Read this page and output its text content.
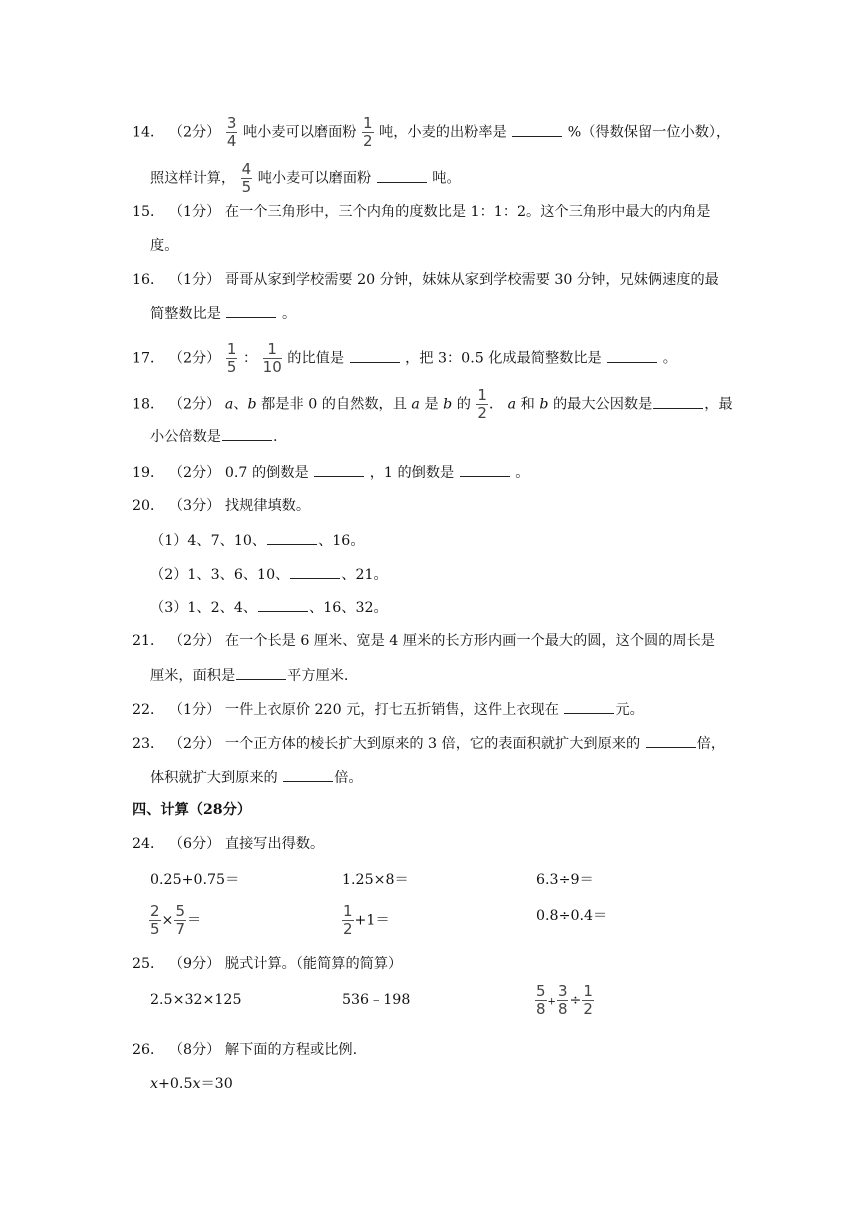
14． （2分） $\frac{3}{4}$ 吨小麦可以磨面粉 $\frac{1}{2}$ 吨，小麦的出粉率是	%（得数保留一位小数），
照这样计算， $\frac{4}{5}$ 吨小麦可以磨面粉	吨。
15． （1分） 在一个三角形中，三个内角的度数比是 1：1：2。这个三角形中最大的内角是
度。
16． （1分） 哥哥从家到学校需要 20 分钟，妹妹从家到学校需要 30 分钟，兄妹俩速度的最
简整数比是	。
17． （2分） $\frac{1}{5}$ ： $\frac{1}{10}$ 的比值是	，把 3：0.5 化成最简整数比是	。
18． （2分） a、b 都是非 0 的自然数，且 a 是 b 的 $\frac{1}{2}$ ． a 和 b 的最大公因数是	，最
小公倍数是	.
19． （2分） 0.7 的倒数是	，1 的倒数是	。
20． （3分） 找规律填数。
（1）4、7、10、	、16。
（2）1、3、6、10、	、21。
（3）1、2、4、	、16、32。
21． （2分） 在一个长是 6 厘米、宽是 4 厘米的长方形内画一个最大的圆，这个圆的周长是
厘米，面积是	平方厘米.
22． （1分） 一件上衣原价 220 元，打七五折销售，这件上衣现在	元。
23． （2分） 一个正方体的棱长扩大到原来的 3 倍，它的表面积就扩大到原来的	倍，
体积就扩大到原来的	倍。
四、计算（28分）
24． （6分） 直接写出得数。
0.25+0.75＝	1.25×8＝	6.3÷9＝
$\frac{2}{5} \times \frac{5}{7}$ ＝	$\frac{1}{2} +1=$	0.8÷0.4＝
25． （9分） 脱式计算。（能简算的简算）
2.5×32×125	536﹣198	$\frac{5}{8} + \frac{3}{8} \div \frac{1}{2}$
26． （8分） 解下面的方程或比例.
x+0.5x＝30
